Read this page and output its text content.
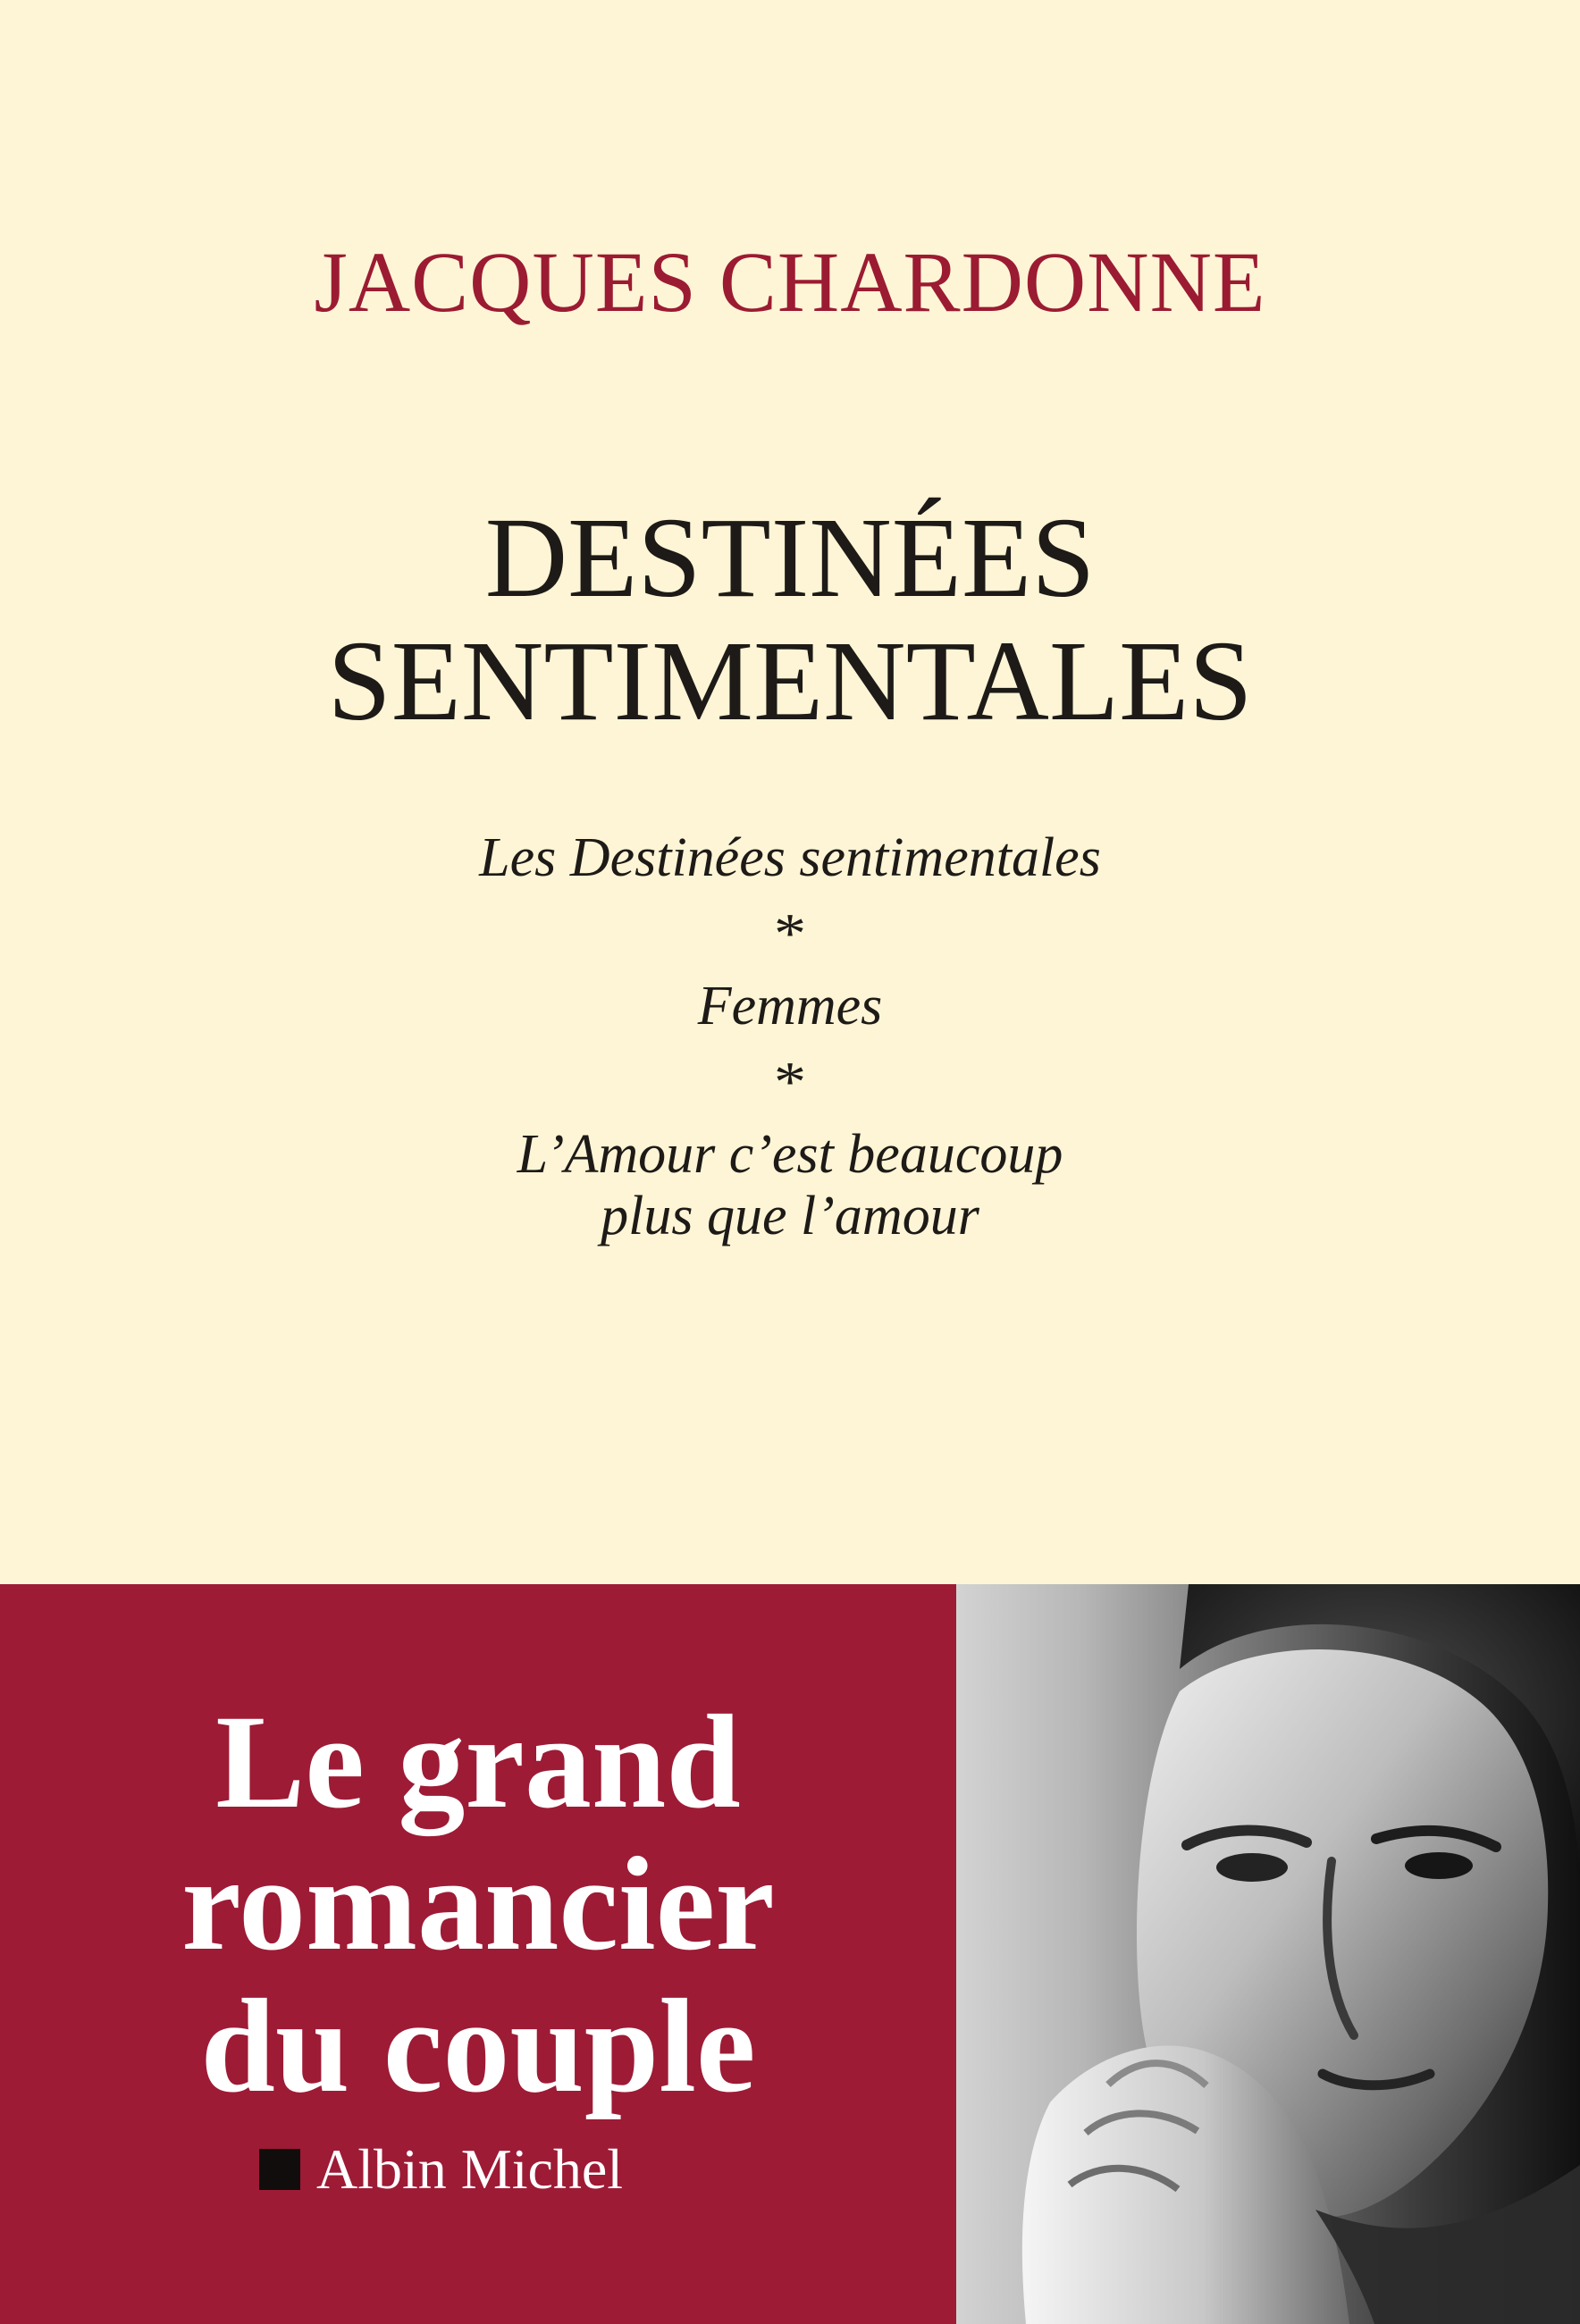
JACQUES CHARDONNE
DESTINÉES
SENTIMENTALES
Les Destinées sentimentales
*
Femmes
*
L’Amour c’est beaucoup
plus que l’amour
Le grand
romancier
du couple
Albin Michel
